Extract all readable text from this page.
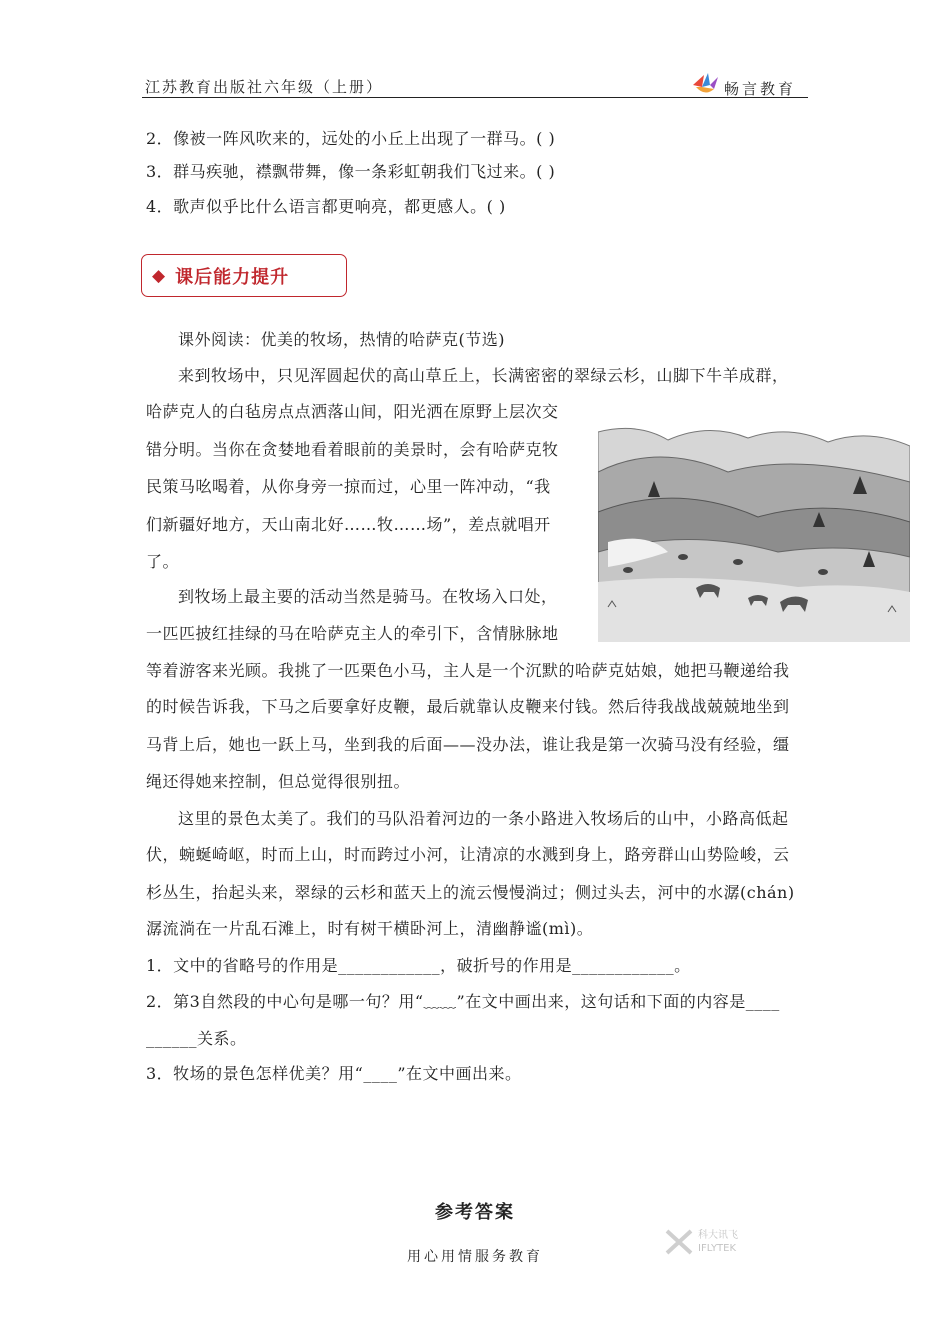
江苏教育出版社六年级（上册）	畅言教育
2．像被一阵风吹来的，远处的小丘上出现了一群马。( )
3．群马疾驰，襟飘带舞，像一条彩虹朝我们飞过来。( )
4．歌声似乎比什么语言都更响亮，都更感人。( )
◆ 课后能力提升
课外阅读：优美的牧场，热情的哈萨克(节选)
来到牧场中，只见浑圆起伏的高山草丘上，长满密密的翠绿云杉，山脚下牛羊成群，
哈萨克人的白毡房点点洒落山间，阳光洒在原野上层次交
错分明。当你在贪婪地看着眼前的美景时，会有哈萨克牧
民策马吆喝着，从你身旁一掠而过，心里一阵冲动，“我
们新疆好地方，天山南北好……牧……场”，差点就唱开
了。
到牧场上最主要的活动当然是骑马。在牧场入口处，
一匹匹披红挂绿的马在哈萨克主人的牵引下，含情脉脉地
等着游客来光顾。我挑了一匹栗色小马，主人是一个沉默的哈萨克姑娘，她把马鞭递给我
的时候告诉我，下马之后要拿好皮鞭，最后就靠认皮鞭来付钱。然后待我战战兢兢地坐到
马背上后，她也一跃上马，坐到我的后面——没办法，谁让我是第一次骑马没有经验，缰
绳还得她来控制，但总觉得很别扭。
这里的景色太美了。我们的马队沿着河边的一条小路进入牧场后的山中，小路高低起
伏，蜿蜒崎岖，时而上山，时而跨过小河，让清凉的水溅到身上，路旁群山山势险峻，云
杉丛生，抬起头来，翠绿的云杉和蓝天上的流云慢慢淌过；侧过头去，河中的水潺(chán)
潺流淌在一片乱石滩上，时有树干横卧河上，清幽静谧(mì)。
1．文中的省略号的作用是____________，破折号的作用是____________。
2．第3自然段的中心句是哪一句？用“﹏﹏”在文中画出来，这句话和下面的内容是____
______关系。
3．牧场的景色怎样优美？用“____”在文中画出来。
参考答案
科大讯飞
IFLYTEK
用心用情服务教育
